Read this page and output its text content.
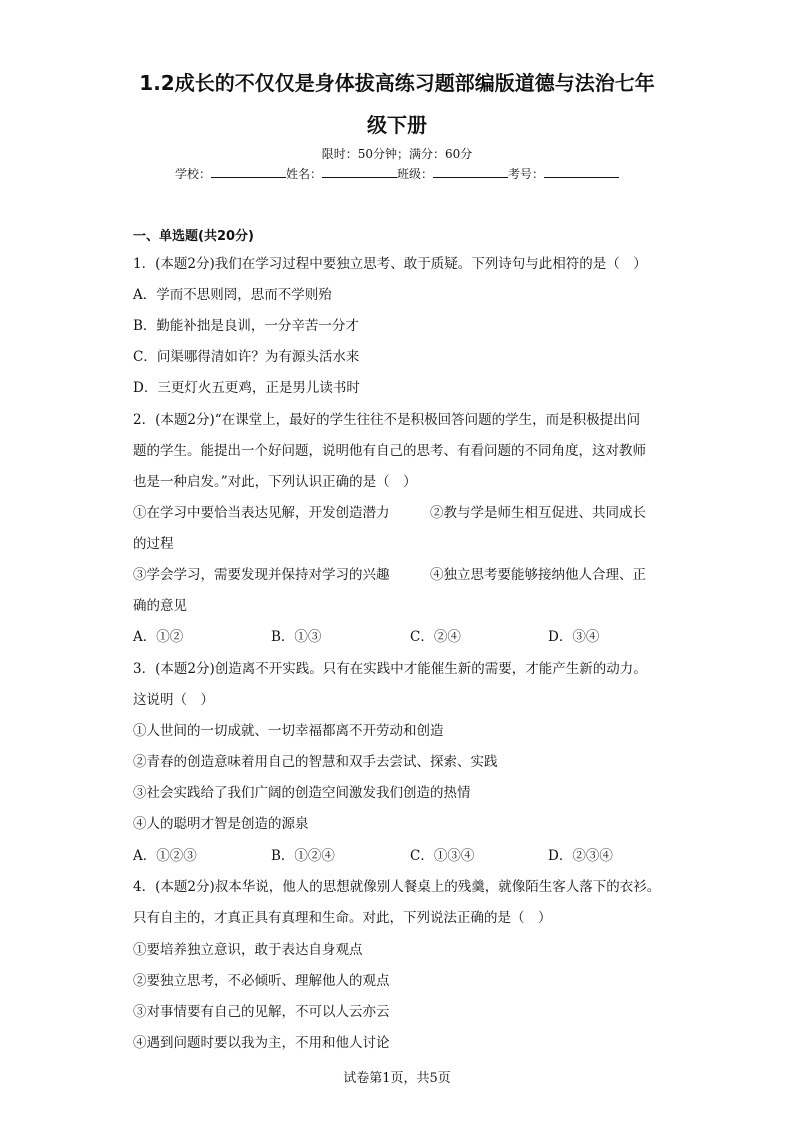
1.2成长的不仅仅是身体拔高练习题部编版道德与法治七年
级下册
限时：50分钟；满分：60分
学校：	姓名：	班级：	考号：
一、单选题(共20分)
1．(本题2分)我们在学习过程中要独立思考、敢于质疑。下列诗句与此相符的是（　）
A．学而不思则罔，思而不学则殆
B．勤能补拙是良训，一分辛苦一分才
C．问渠哪得清如许？为有源头活水来
D．三更灯火五更鸡，正是男儿读书时
2．(本题2分)“在课堂上，最好的学生往往不是积极回答问题的学生，而是积极提出问
题的学生。能提出一个好问题，说明他有自己的思考、有看问题的不同角度，这对教师
也是一种启发。”对此，下列认识正确的是（　）
①在学习中要恰当表达见解，开发创造潜力	②教与学是师生相互促进、共同成长
的过程
③学会学习，需要发现并保持对学习的兴趣	④独立思考要能够接纳他人合理、正
确的意见
A．①②	B．①③	C．②④	D．③④
3．(本题2分)创造离不开实践。只有在实践中才能催生新的需要，才能产生新的动力。
这说明（　）
①人世间的一切成就、一切幸福都离不开劳动和创造
②青春的创造意味着用自己的智慧和双手去尝试、探索、实践
③社会实践给了我们广阔的创造空间激发我们创造的热情
④人的聪明才智是创造的源泉
A．①②③	B．①②④	C．①③④	D．②③④
4．(本题2分)叔本华说，他人的思想就像别人餐桌上的残羹，就像陌生客人落下的衣衫。
只有自主的，才真正具有真理和生命。对此，下列说法正确的是（　）
①要培养独立意识，敢于表达自身观点
②要独立思考，不必倾听、理解他人的观点
③对事情要有自己的见解，不可以人云亦云
④遇到问题时要以我为主，不用和他人讨论
试卷第1页，共5页
